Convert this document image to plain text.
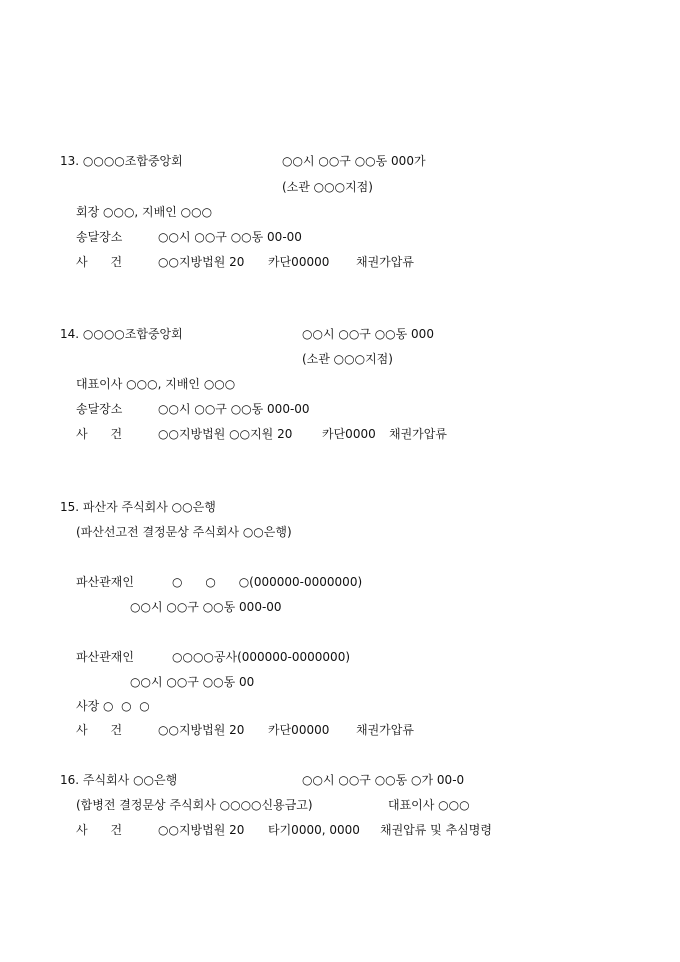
13. ○○○○조합중앙회	○○시 ○○구 ○○동 000가
(소관 ○○○지점)
회장 ○○○, 지배인 ○○○
송달장소	○○시 ○○구 ○○동 00-00
사      건	○○지방법원 20 카단00000 채권가압류
14. ○○○○조합중앙회	○○시 ○○구 ○○동 000
(소관 ○○○지점)
대표이사 ○○○, 지배인 ○○○
송달장소	○○시 ○○구 ○○동 000-00
사      건	○○지방법원 ○○지원 20 카단0000 채권가압류
15. 파산자 주식회사 ○○은행
(파산선고전 결정문상 주식회사 ○○은행)
파산관재인	○      ○      ○(000000-0000000)
○○시 ○○구 ○○동 000-00
파산관재인	○○○○공사(000000-0000000)
○○시 ○○구 ○○동 00
사장 ○  ○  ○
사      건	○○지방법원 20 카단00000 채권가압류
16. 주식회사 ○○은행	○○시 ○○구 ○○동 ○가 00-0
(합병전 결정문상 주식회사 ○○○○신용금고)	대표이사 ○○○
사      건	○○지방법원 20 타기0000, 0000 채권압류 및 추심명령
